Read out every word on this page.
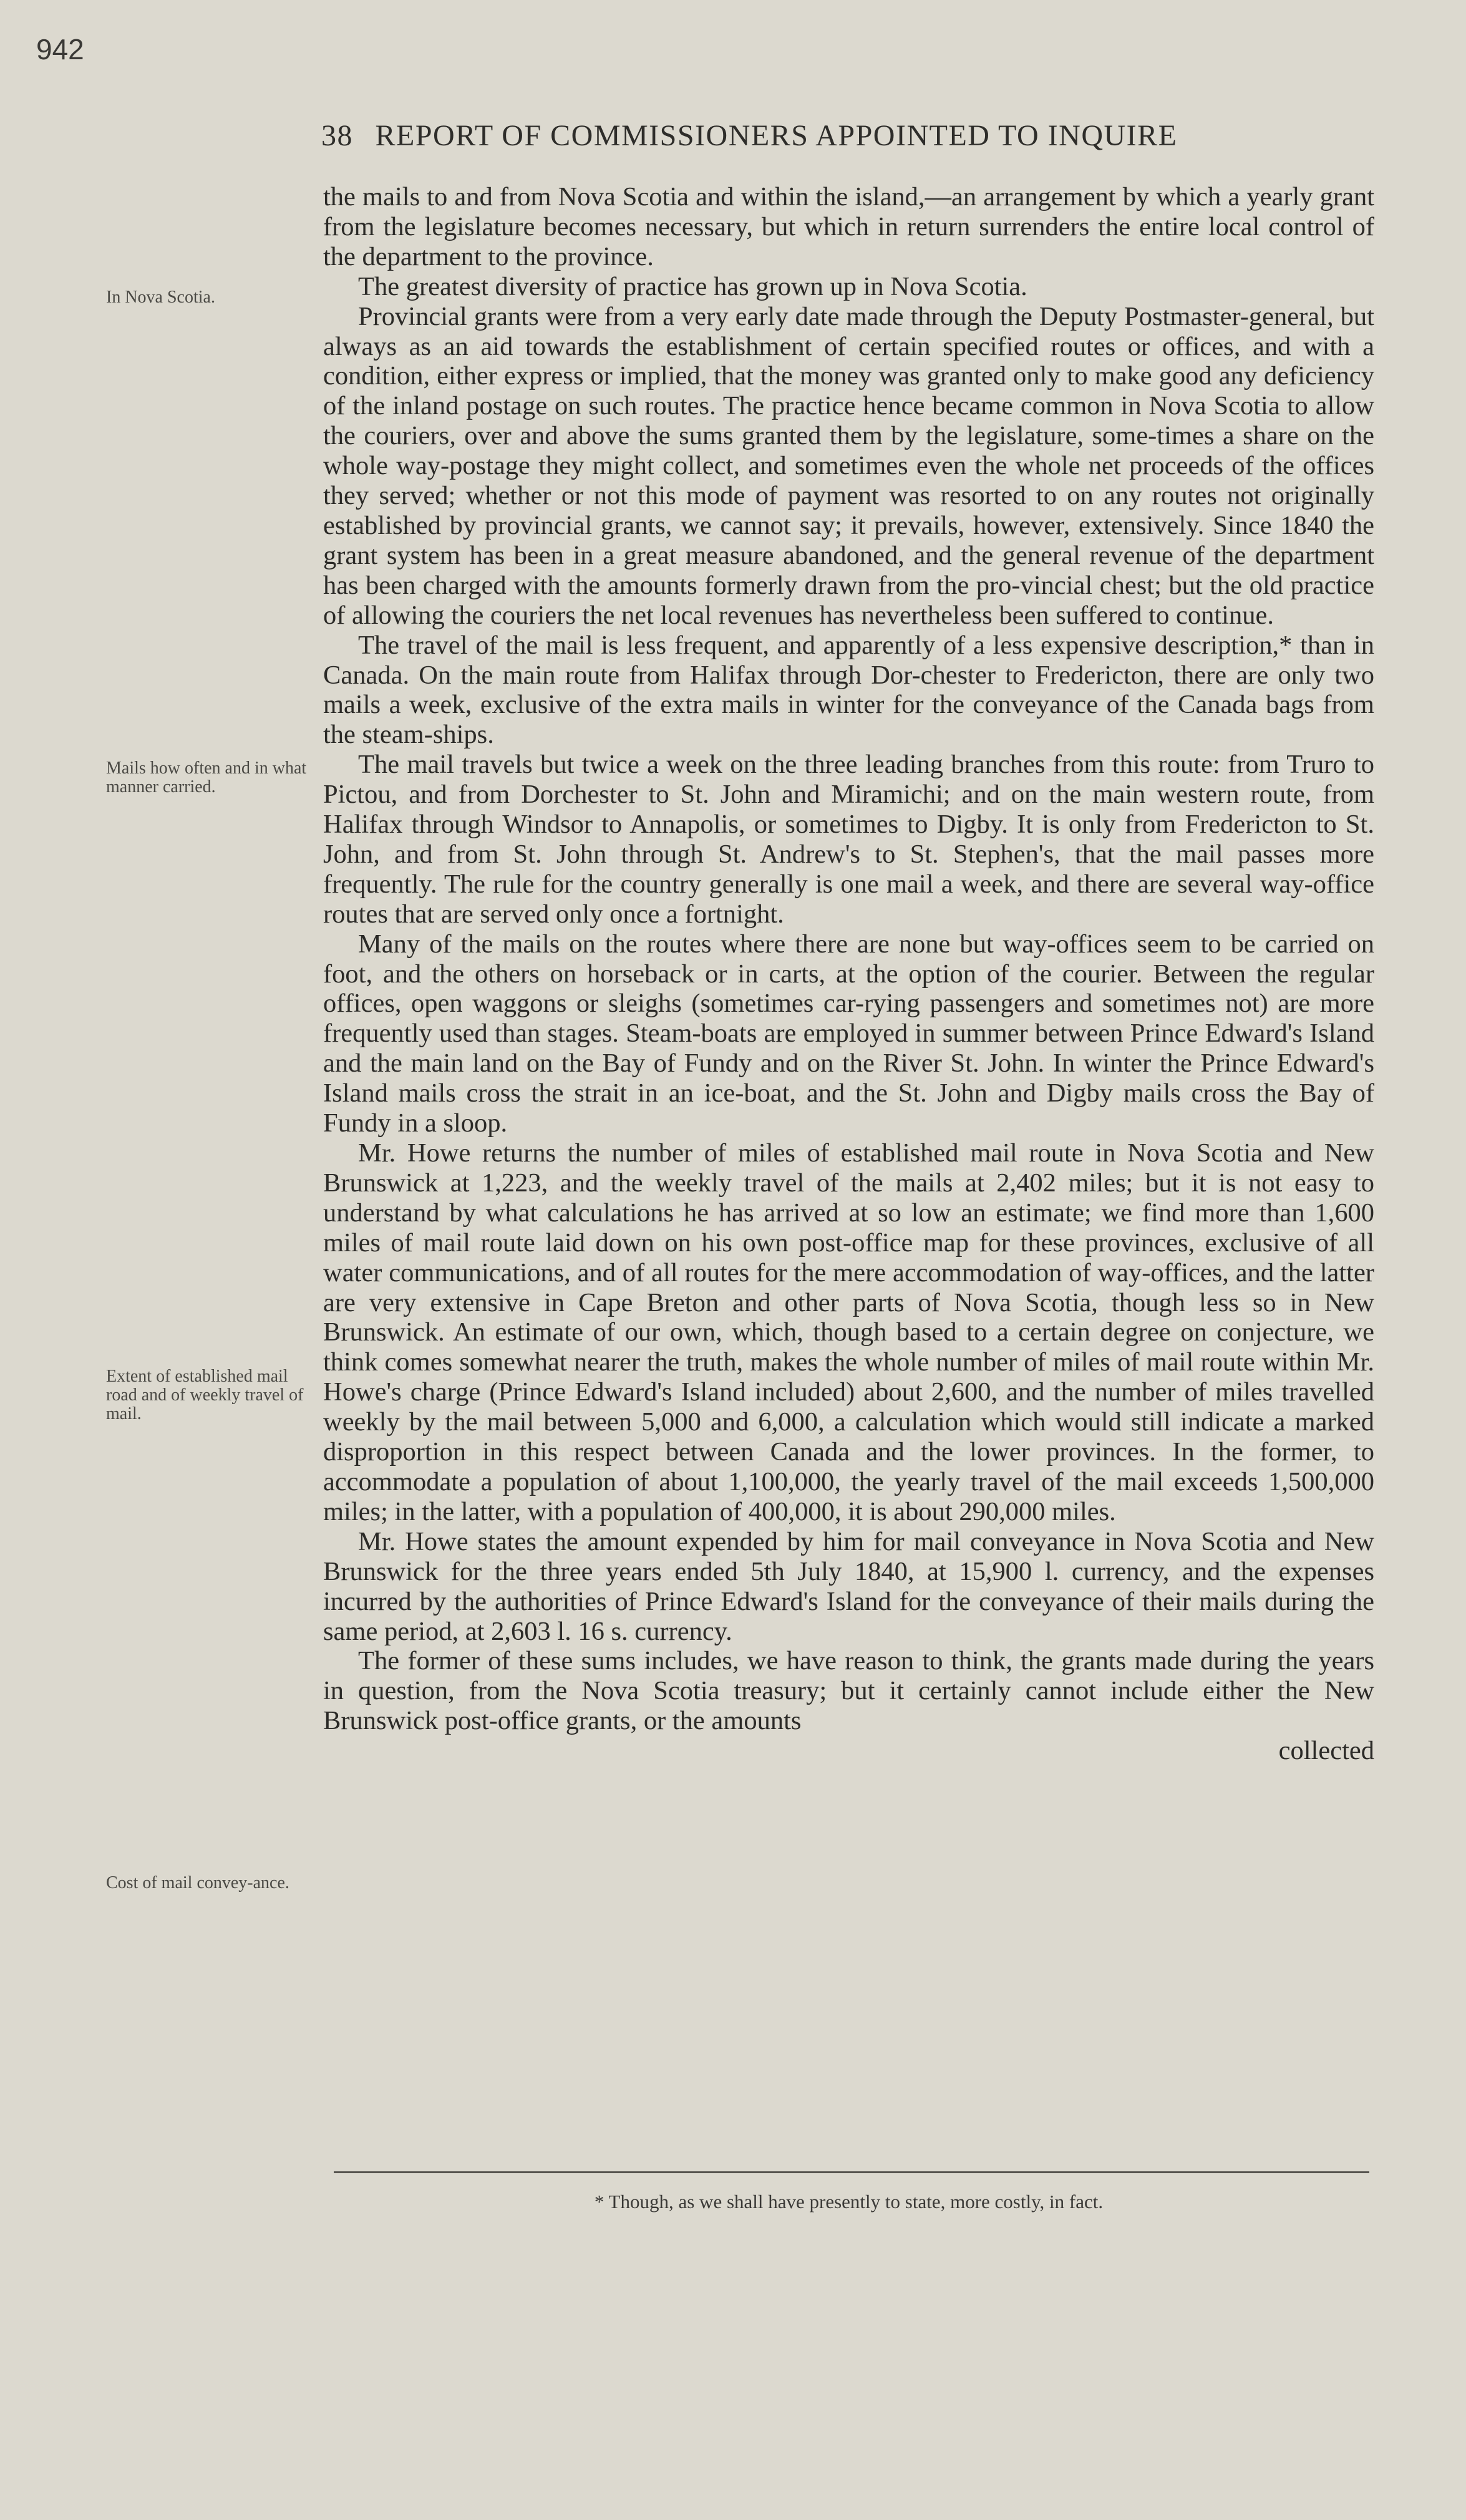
942
38 REPORT OF COMMISSIONERS APPOINTED TO INQUIRE
In Nova Scotia.
Mails how often and in what manner carried.
Extent of established mail road and of weekly travel of mail.
Cost of mail convey-ance.

the mails to and from Nova Scotia and within the island,—an arrangement by which a yearly grant from the legislature becomes necessary, but which in return surrenders the entire local control of the department to the province.

The greatest diversity of practice has grown up in Nova Scotia.

Provincial grants were from a very early date made through the Deputy Postmaster-general, but always as an aid towards the establishment of certain specified routes or offices, and with a condition, either express or implied, that the money was granted only to make good any deficiency of the inland postage on such routes. The practice hence became common in Nova Scotia to allow the couriers, over and above the sums granted them by the legislature, some-times a share on the whole way-postage they might collect, and sometimes even the whole net proceeds of the offices they served; whether or not this mode of payment was resorted to on any routes not originally established by provincial grants, we cannot say; it prevails, however, extensively. Since 1840 the grant system has been in a great measure abandoned, and the general revenue of the department has been charged with the amounts formerly drawn from the pro-vincial chest; but the old practice of allowing the couriers the net local revenues has nevertheless been suffered to continue.

The travel of the mail is less frequent, and apparently of a less expensive description,* than in Canada. On the main route from Halifax through Dor-chester to Fredericton, there are only two mails a week, exclusive of the extra mails in winter for the conveyance of the Canada bags from the steam-ships.

The mail travels but twice a week on the three leading branches from this route: from Truro to Pictou, and from Dorchester to St. John and Miramichi; and on the main western route, from Halifax through Windsor to Annapolis, or sometimes to Digby. It is only from Fredericton to St. John, and from St. John through St. Andrew's to St. Stephen's, that the mail passes more frequently. The rule for the country generally is one mail a week, and there are several way-office routes that are served only once a fortnight.

Many of the mails on the routes where there are none but way-offices seem to be carried on foot, and the others on horseback or in carts, at the option of the courier. Between the regular offices, open waggons or sleighs (sometimes car-rying passengers and sometimes not) are more frequently used than stages. Steam-boats are employed in summer between Prince Edward's Island and the main land on the Bay of Fundy and on the River St. John. In winter the Prince Edward's Island mails cross the strait in an ice-boat, and the St. John and Digby mails cross the Bay of Fundy in a sloop.

Mr. Howe returns the number of miles of established mail route in Nova Scotia and New Brunswick at 1,223, and the weekly travel of the mails at 2,402 miles; but it is not easy to understand by what calculations he has arrived at so low an estimate; we find more than 1,600 miles of mail route laid down on his own post-office map for these provinces, exclusive of all water communications, and of all routes for the mere accommodation of way-offices, and the latter are very extensive in Cape Breton and other parts of Nova Scotia, though less so in New Brunswick. An estimate of our own, which, though based to a certain degree on conjecture, we think comes somewhat nearer the truth, makes the whole number of miles of mail route within Mr. Howe's charge (Prince Edward's Island included) about 2,600, and the number of miles travelled weekly by the mail between 5,000 and 6,000, a calculation which would still indicate a marked disproportion in this respect between Canada and the lower provinces. In the former, to accommodate a population of about 1,100,000, the yearly travel of the mail exceeds 1,500,000 miles; in the latter, with a population of 400,000, it is about 290,000 miles.

Mr. Howe states the amount expended by him for mail conveyance in Nova Scotia and New Brunswick for the three years ended 5th July 1840, at 15,900 l. currency, and the expenses incurred by the authorities of Prince Edward's Island for the conveyance of their mails during the same period, at 2,603 l. 16 s. currency.

The former of these sums includes, we have reason to think, the grants made during the years in question, from the Nova Scotia treasury; but it certainly cannot include either the New Brunswick post-office grants, or the amounts

collected

* Though, as we shall have presently to state, more costly, in fact.
